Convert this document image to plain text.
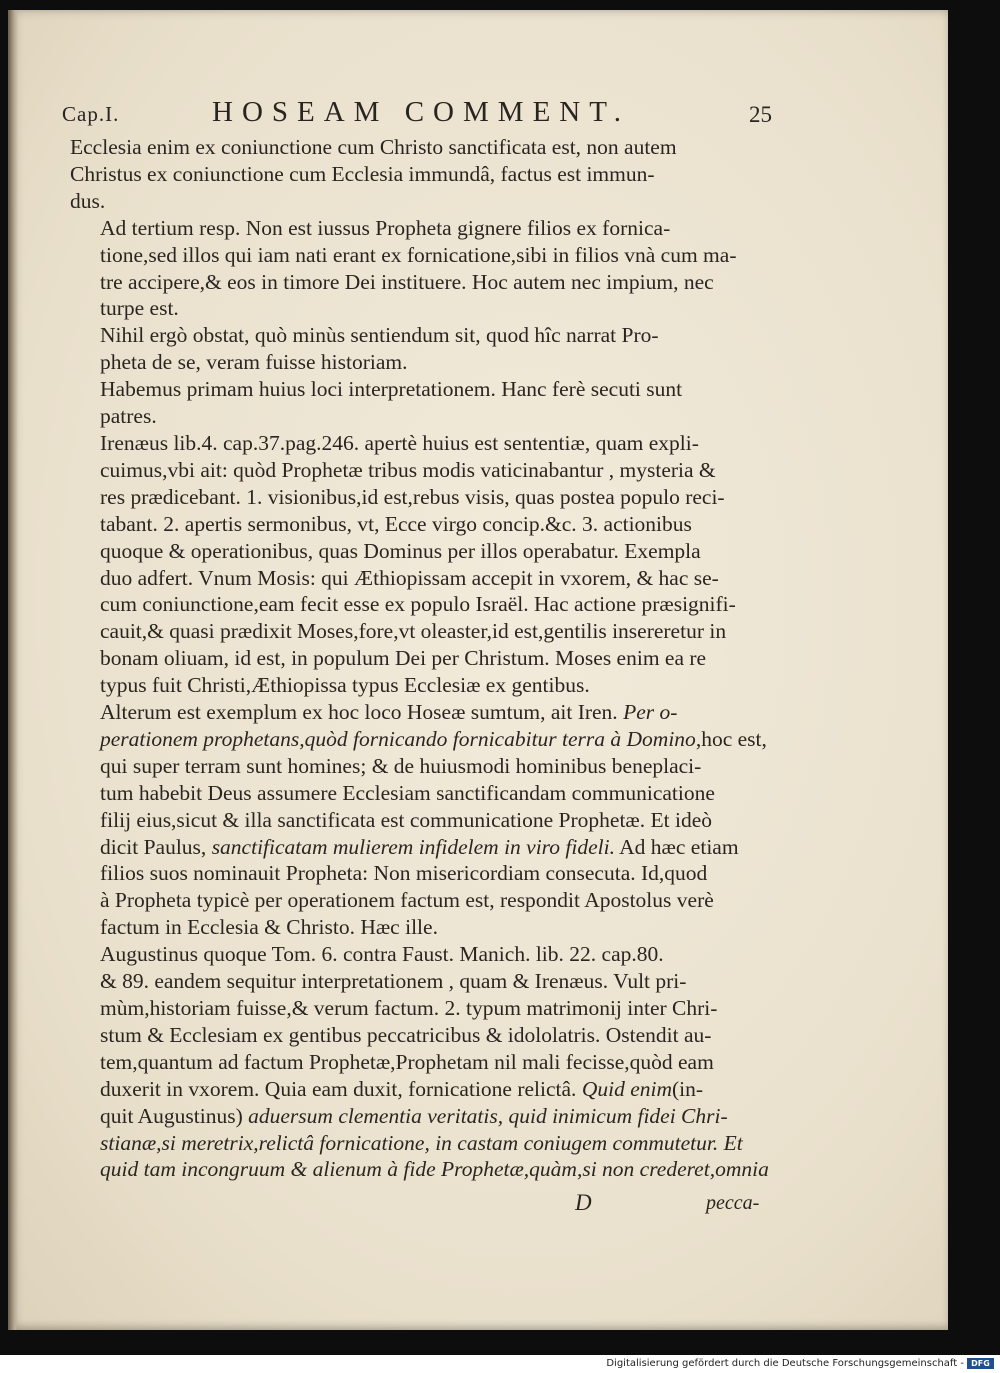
Cap.I.	HOSEAM COMMENT.	25

Ecclesia enim ex coniunctione cum Christo sanctificata est, non autem
Christus ex coniunctione cum Ecclesia immundâ, factus est immun-
dus.

Ad tertium resp. Non est iussus Propheta gignere filios ex fornica-
tione,sed illos qui iam nati erant ex fornicatione,sibi in filios vnà cum ma-
tre accipere,& eos in timore Dei instituere. Hoc autem nec impium, nec
turpe est.

Nihil ergò obstat, quò minùs sentiendum sit, quod hîc narrat Pro-
pheta de se, veram fuisse historiam.

Habemus primam huius loci interpretationem. Hanc ferè secuti sunt
patres.

Irenæus lib.4. cap.37.pag.246. apertè huius est sententiæ, quam expli-
cuimus,vbi ait: quòd Prophetæ tribus modis vaticinabantur , mysteria &
res prædicebant. 1. visionibus,id est,rebus visis, quas postea populo reci-
tabant. 2. apertis sermonibus, vt, Ecce virgo concip.&c. 3. actionibus
quoque & operationibus, quas Dominus per illos operabatur. Exempla
duo adfert. Vnum Mosis: qui Æthiopissam accepit in vxorem, & hac se-
cum coniunctione,eam fecit esse ex populo Israël. Hac actione præsignifi-
cauit,& quasi prædixit Moses,fore,vt oleaster,id est,gentilis insereretur in
bonam oliuam, id est, in populum Dei per Christum. Moses enim ea re
typus fuit Christi,Æthiopissa typus Ecclesiæ ex gentibus.

Alterum est exemplum ex hoc loco Hoseæ sumtum, ait Iren. Per o-
perationem prophetans,quòd fornicando fornicabitur terra à Domino,hoc est,
qui super terram sunt homines; & de huiusmodi hominibus beneplaci-
tum habebit Deus assumere Ecclesiam sanctificandam communicatione
filij eius,sicut & illa sanctificata est communicatione Prophetæ. Et ideò
dicit Paulus, sanctificatam mulierem infidelem in viro fideli. Ad hæc etiam
filios suos nominauit Propheta: Non misericordiam consecuta. Id,quod
à Propheta typicè per operationem factum est, respondit Apostolus verè
factum in Ecclesia & Christo. Hæc ille.

Augustinus quoque Tom. 6. contra Faust. Manich. lib. 22. cap.80.
& 89. eandem sequitur interpretationem , quam & Irenæus. Vult pri-
mùm,historiam fuisse,& verum factum. 2. typum matrimonij inter Chri-
stum & Ecclesiam ex gentibus peccatricibus & idololatris. Ostendit au-
tem,quantum ad factum Prophetæ,Prophetam nil mali fecisse,quòd eam
duxerit in vxorem. Quia eam duxit, fornicatione relictâ. Quid enim(in-
quit Augustinus) aduersum clementia veritatis, quid inimicum fidei Chri-
stianæ,si meretrix,relictâ fornicatione, in castam coniugem commutetur. Et
quid tam incongruum & alienum à fide Prophetæ,quàm,si non crederet,omnia

D	pecca-
Digitalisierung gefördert durch die Deutsche Forschungsgemeinschaft - DFG
